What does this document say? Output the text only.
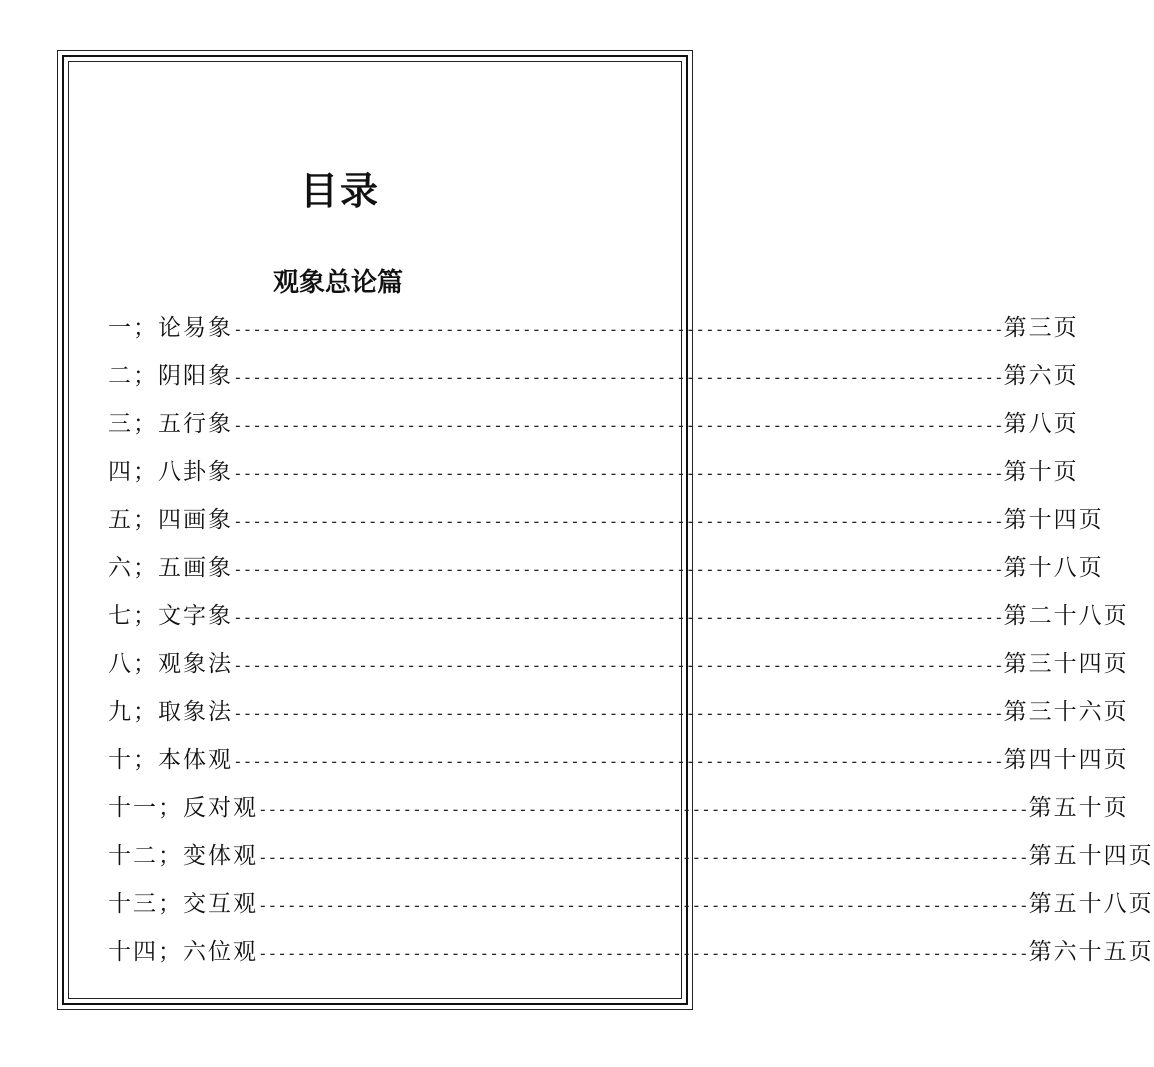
目录
观象总论篇
一；论易象 -------------------------------------------------------------------------------- 第三页
二；阴阳象 -------------------------------------------------------------------------------- 第六页
三；五行象 -------------------------------------------------------------------------------- 第八页
四；八卦象 -------------------------------------------------------------------------------- 第十页
五；四画象 -------------------------------------------------------------------------------- 第十四页
六；五画象 -------------------------------------------------------------------------------- 第十八页
七；文字象 -------------------------------------------------------------------------------- 第二十八页
八；观象法 -------------------------------------------------------------------------------- 第三十四页
九；取象法 -------------------------------------------------------------------------------- 第三十六页
十；本体观 -------------------------------------------------------------------------------- 第四十四页
十一；反对观 -------------------------------------------------------------------------------- 第五十页
十二；变体观 -------------------------------------------------------------------------------- 第五十四页
十三；交互观 -------------------------------------------------------------------------------- 第五十八页
十四；六位观 -------------------------------------------------------------------------------- 第六十五页
